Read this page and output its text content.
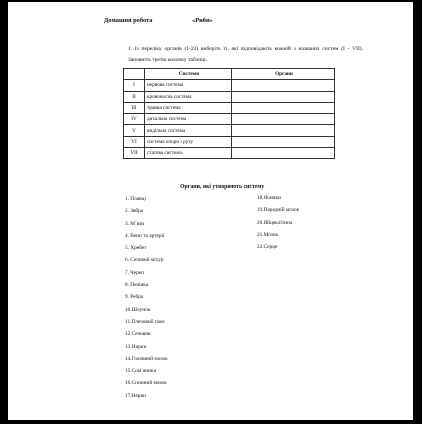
Домашня робота	«Риби»
1. Із переліку органів (1-22) виберіть ті, які відповідають кожній з названих систем (І - VІІ). Заповніть третю колонку таблиці.
	Системи	Органи
I	нервова система	
II	кровоносна система	
III	травна система	
IV	дихальна система	
V	видільна система	
VI	система опори і руху	
VII	статева система.	
Органи, які утворюють систему
1. Плавці
2. Зябра
3. М`язи
4. Вени та артерії
5. Хребет
6. Сечовий міхур
7. Череп
8. Печінка
9. Ребра
10.Шлунок
11.Плечовий пояс
12.Сечовик
13.Нирки
14.Головний мозок
15.Сом`яники
16.Спинний мозок
17.Нерви
18.Ячники
19.Передній мозок
20.Яйцеклітина
21.Мозок
22.Серце
